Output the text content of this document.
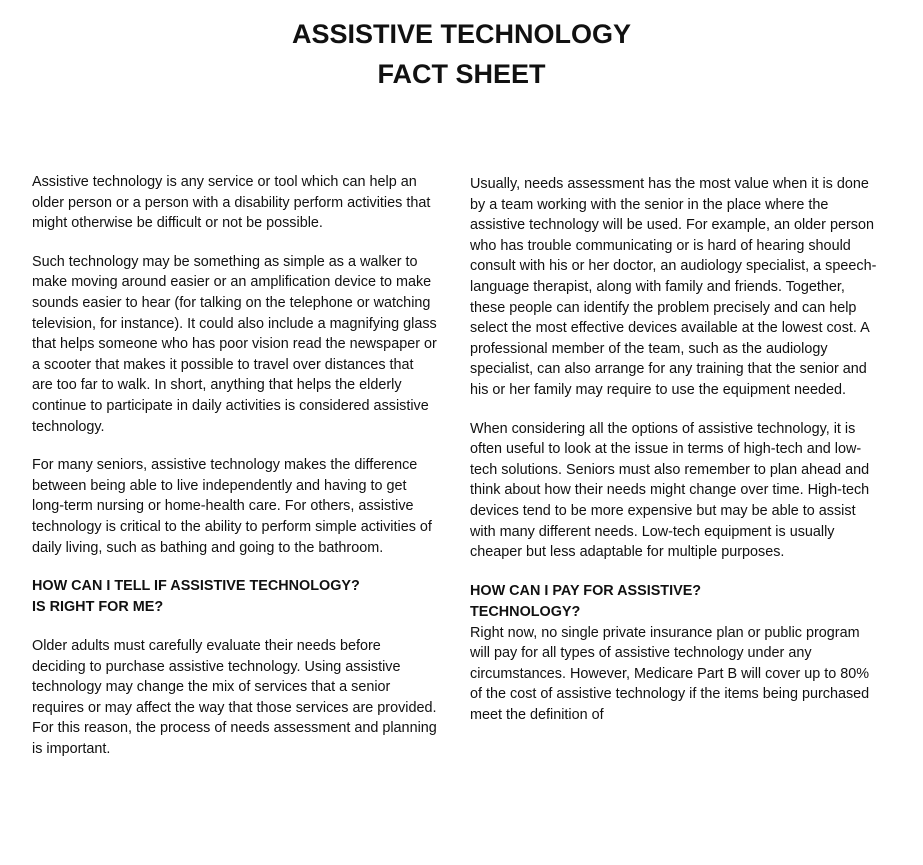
ASSISTIVE TECHNOLOGY
FACT SHEET

Assistive technology is any service or tool which can help an older person or a person with a disability perform activities that might otherwise be difficult or not be possible.

Such technology may be something as simple as a walker to make moving around easier or an amplification device to make sounds easier to hear (for talking on the telephone or watching television, for instance). It could also include a magnifying glass that helps someone who has poor vision read the newspaper or a scooter that makes it possible to travel over distances that are too far to walk. In short, anything that helps the elderly continue to participate in daily activities is considered assistive technology.

For many seniors, assistive technology makes the difference between being able to live independently and having to get long-term nursing or home-health care. For others, assistive technology is critical to the ability to perform simple activities of daily living, such as bathing and going to the bathroom.

HOW CAN I TELL IF ASSISTIVE TECHNOLOGY?
IS RIGHT FOR ME?

Older adults must carefully evaluate their needs before deciding to purchase assistive technology. Using assistive technology may change the mix of services that a senior requires or may affect the way that those services are provided. For this reason, the process of needs assessment and planning is important.

Usually, needs assessment has the most value when it is done by a team working with the senior in the place where the assistive technology will be used. For example, an older person who has trouble communicating or is hard of hearing should consult with his or her doctor, an audiology specialist, a speech-language therapist, along with family and friends. Together, these people can identify the problem precisely and can help select the most effective devices available at the lowest cost. A professional member of the team, such as the audiology specialist, can also arrange for any training that the senior and his or her family may require to use the equipment needed.

When considering all the options of assistive technology, it is often useful to look at the issue in terms of high-tech and low-tech solutions. Seniors must also remember to plan ahead and think about how their needs might change over time. High-tech devices tend to be more expensive but may be able to assist with many different needs. Low-tech equipment is usually cheaper but less adaptable for multiple purposes.

HOW CAN I PAY FOR ASSISTIVE?
TECHNOLOGY?

Right now, no single private insurance plan or public program will pay for all types of assistive technology under any circumstances. However, Medicare Part B will cover up to 80% of the cost of assistive technology if the items being purchased meet the definition of
